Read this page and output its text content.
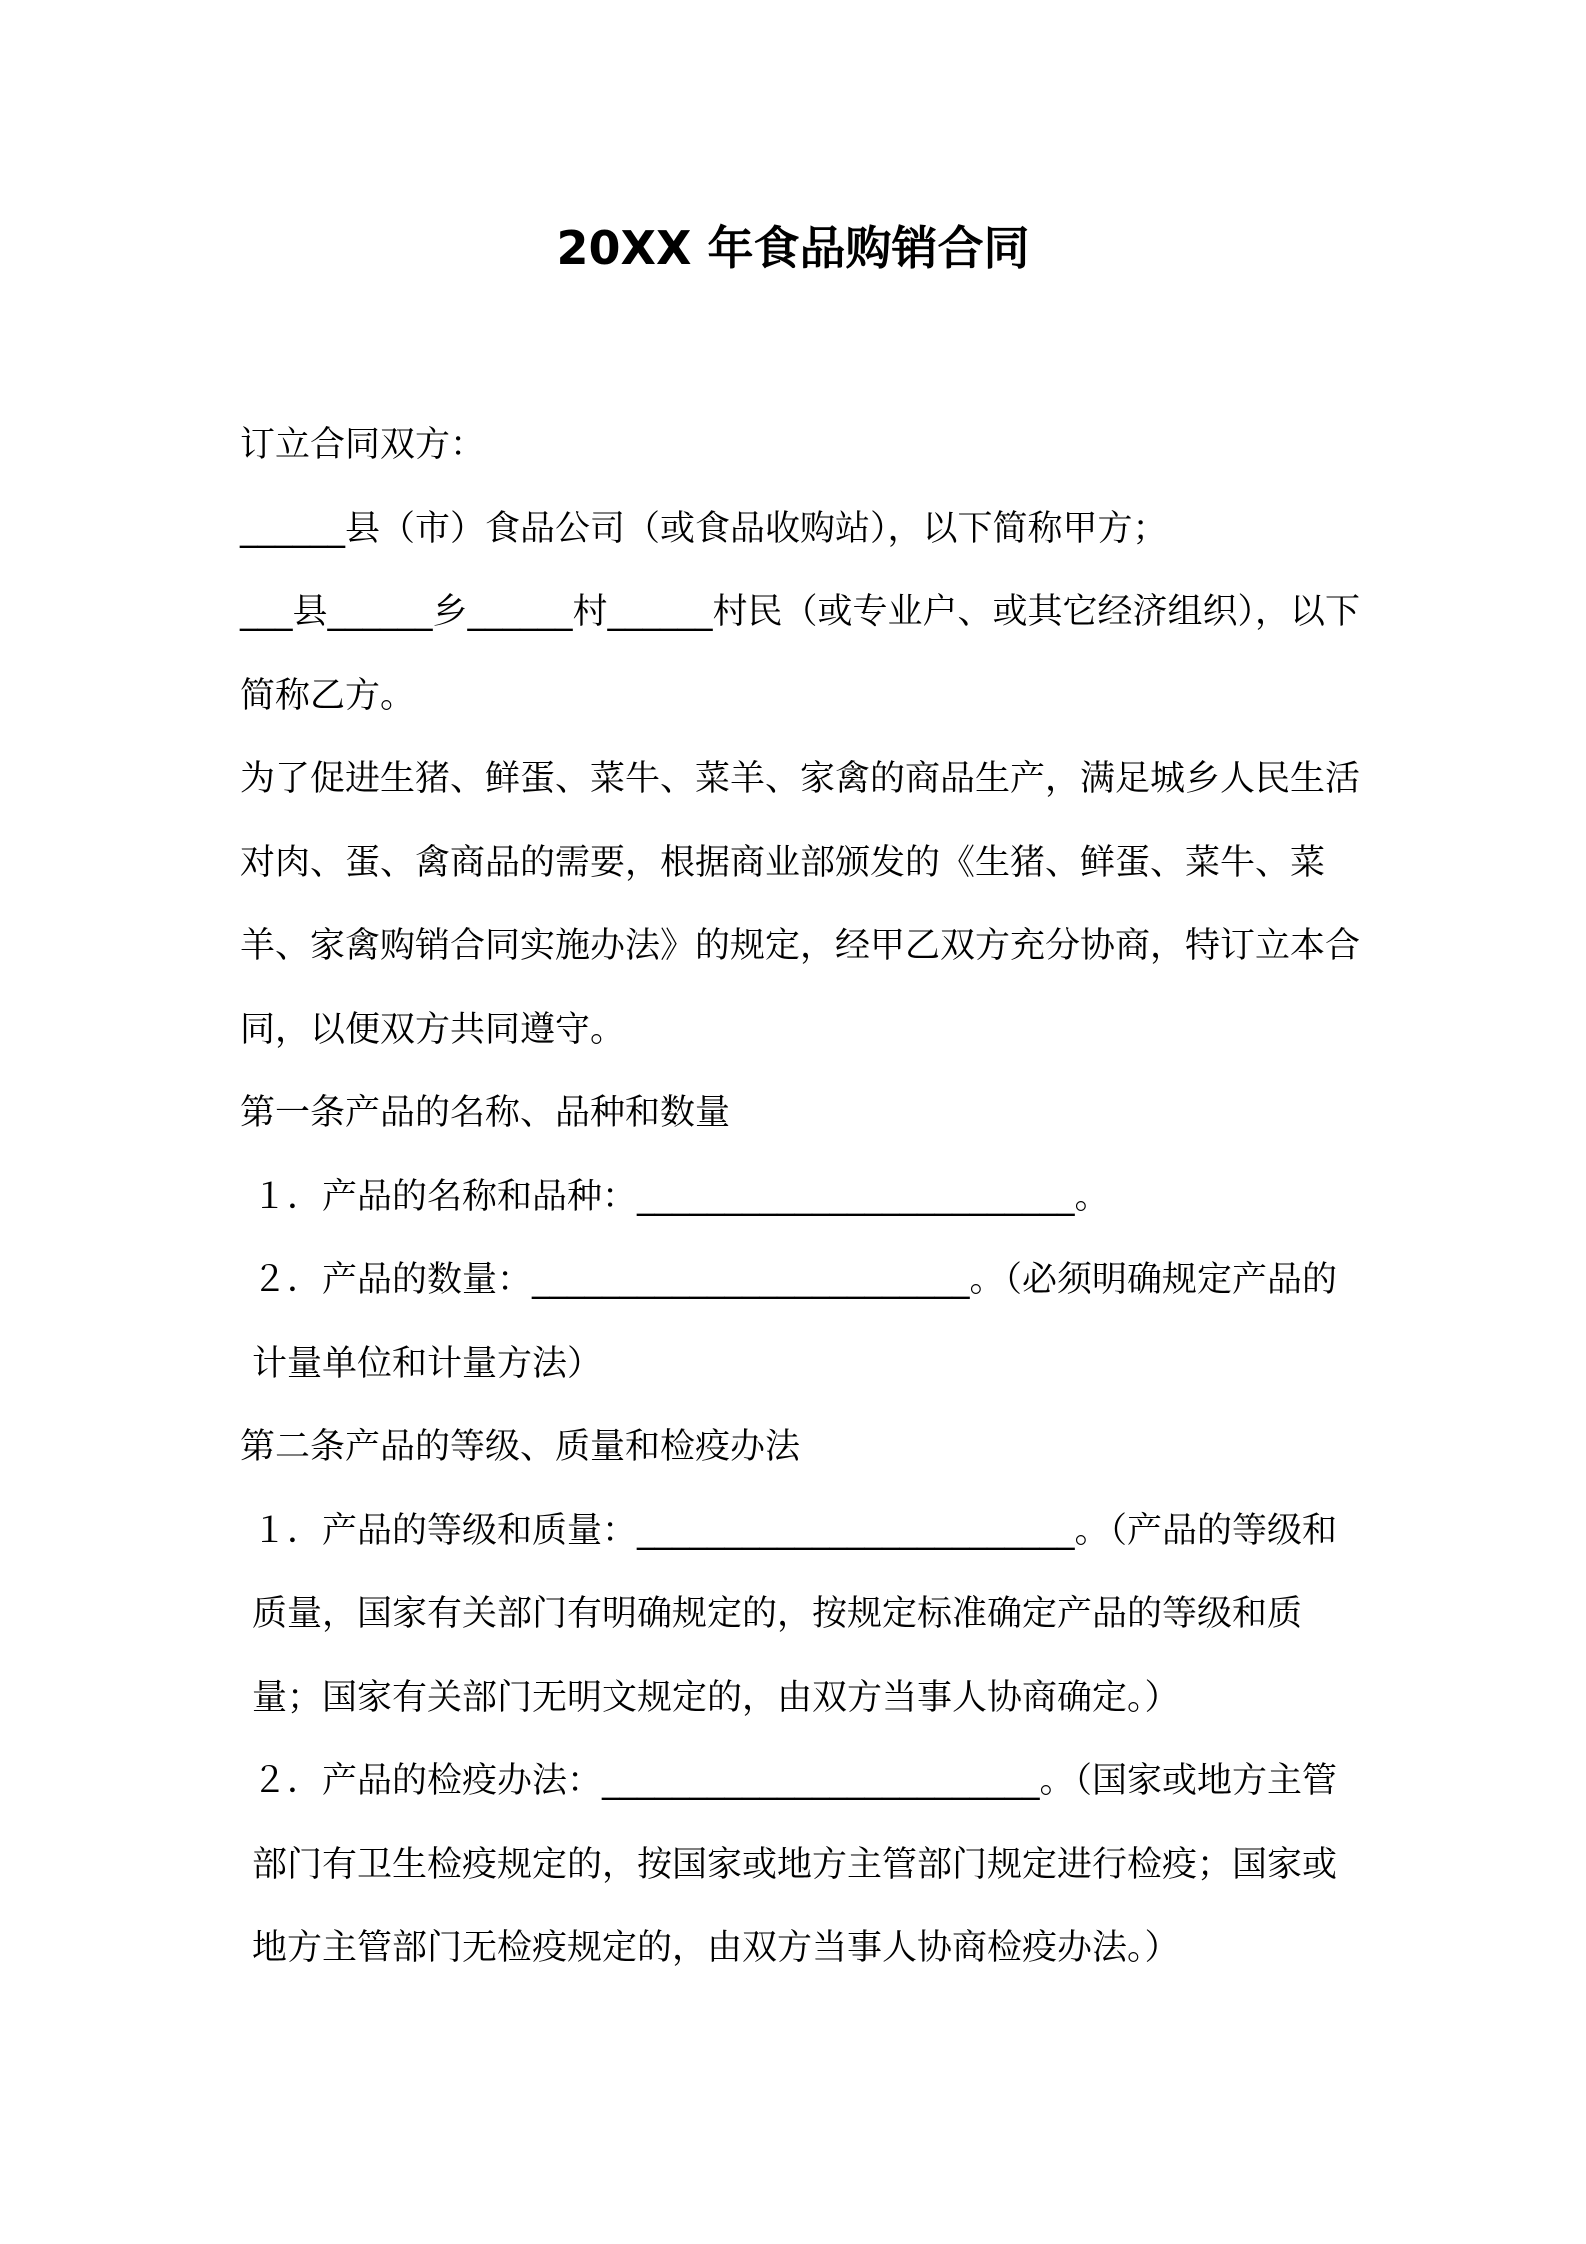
20XX 年食品购销合同

订立合同双方：

______县（市）食品公司（或食品收购站），以下简称甲方；

___县______乡______村______村民（或专业户、或其它经济组织），以下简称乙方。

为了促进生猪、鲜蛋、菜牛、菜羊、家禽的商品生产，满足城乡人民生活对肉、蛋、禽商品的需要，根据商业部颁发的《生猪、鲜蛋、菜牛、菜羊、家禽购销合同实施办法》的规定，经甲乙双方充分协商，特订立本合同，以便双方共同遵守。

第一条产品的名称、品种和数量

１．产品的名称和品种：_________________________。

２．产品的数量：_________________________。（必须明确规定产品的计量单位和计量方法）

第二条产品的等级、质量和检疫办法

１．产品的等级和质量：_________________________。（产品的等级和质量，国家有关部门有明确规定的，按规定标准确定产品的等级和质量；国家有关部门无明文规定的，由双方当事人协商确定。）

２．产品的检疫办法：_________________________。（国家或地方主管部门有卫生检疫规定的，按国家或地方主管部门规定进行检疫；国家或地方主管部门无检疫规定的，由双方当事人协商检疫办法。）
